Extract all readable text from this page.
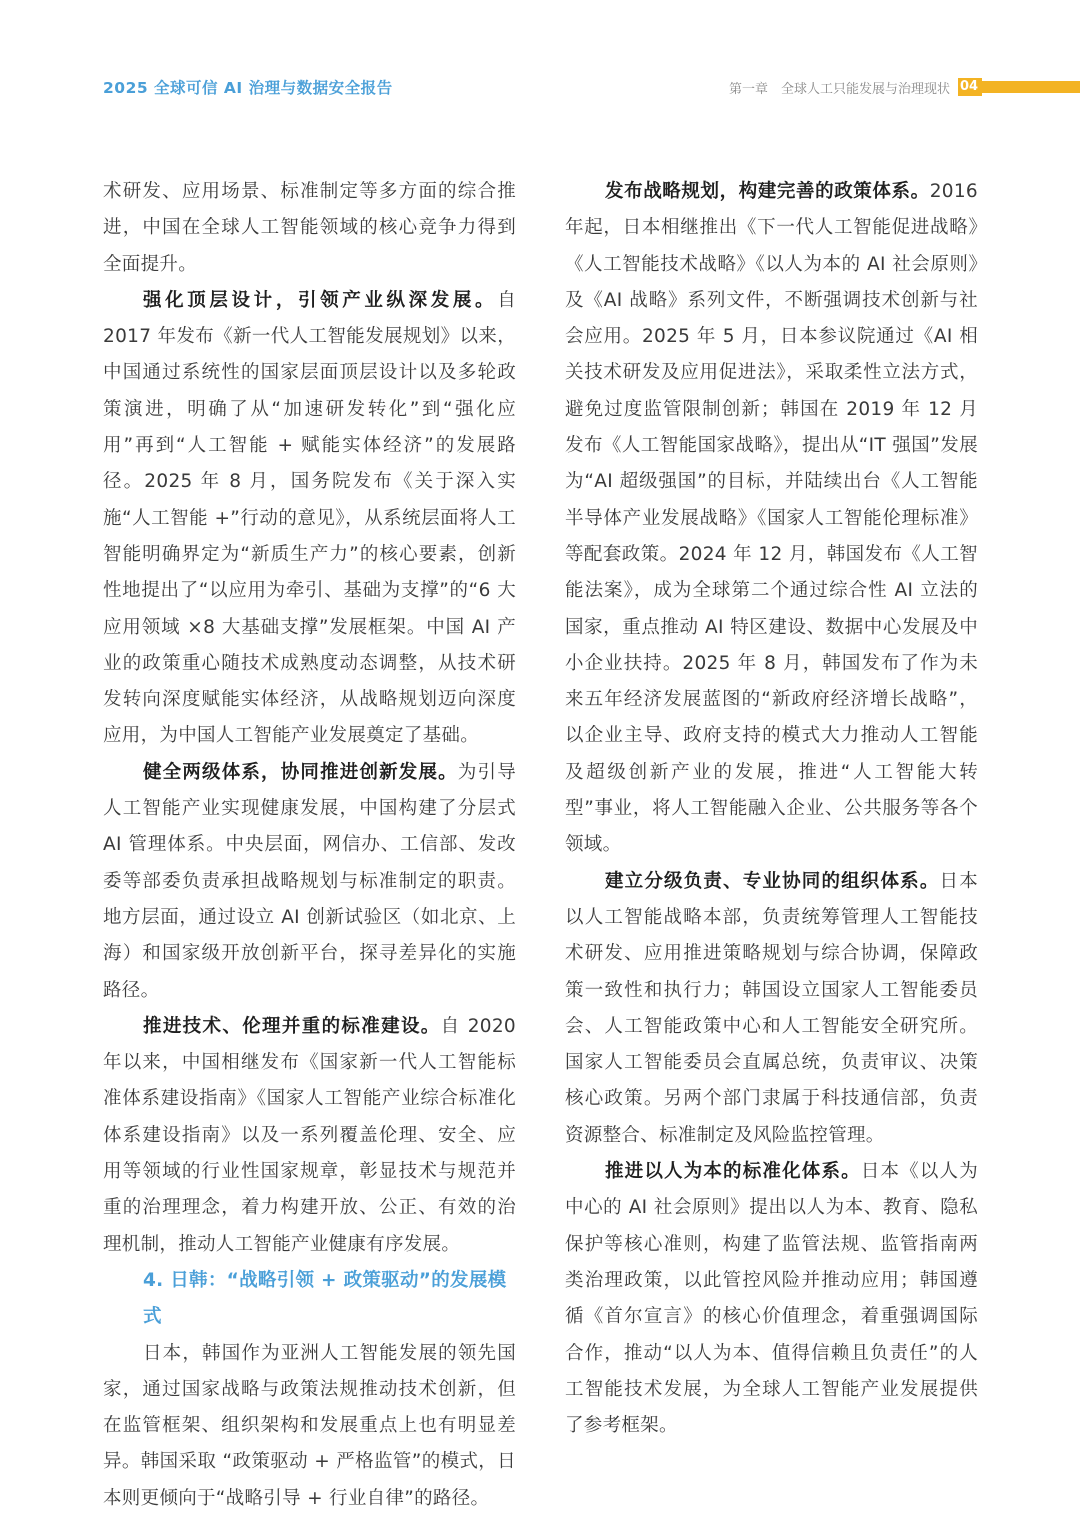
2025 全球可信 AI 治理与数据安全报告	第一章　全球人工只能发展与治理现状 04

术研发、应用场景、标准制定等多方面的综合推进，中国在全球人工智能领域的核心竞争力得到全面提升。

强化顶层设计，引领产业纵深发展。自 2017 年发布《新一代人工智能发展规划》以来，中国通过系统性的国家层面顶层设计以及多轮政策演进，明确了从“加速研发转化”到“强化应用”再到“人工智能 + 赋能实体经济”的发展路径。2025 年 8 月，国务院发布《关于深入实施“人工智能 +”行动的意见》，从系统层面将人工智能明确界定为“新质生产力”的核心要素，创新性地提出了“以应用为牵引、基础为支撑”的“6 大应用领域 ×8 大基础支撑”发展框架。中国 AI 产业的政策重心随技术成熟度动态调整，从技术研发转向深度赋能实体经济，从战略规划迈向深度应用，为中国人工智能产业发展奠定了基础。

健全两级体系，协同推进创新发展。为引导人工智能产业实现健康发展，中国构建了分层式 AI 管理体系。中央层面，网信办、工信部、发改委等部委负责承担战略规划与标准制定的职责。地方层面，通过设立 AI 创新试验区（如北京、上海）和国家级开放创新平台，探寻差异化的实施路径。

推进技术、伦理并重的标准建设。自 2020 年以来，中国相继发布《国家新一代人工智能标准体系建设指南》《国家人工智能产业综合标准化体系建设指南》以及一系列覆盖伦理、安全、应用等领域的行业性国家规章，彰显技术与规范并重的治理理念，着力构建开放、公正、有效的治理机制，推动人工智能产业健康有序发展。

4. 日韩：“战略引领 + 政策驱动”的发展模式

日本，韩国作为亚洲人工智能发展的领先国家，通过国家战略与政策法规推动技术创新，但在监管框架、组织架构和发展重点上也有明显差异。韩国采取 “政策驱动 + 严格监管”的模式，日本则更倾向于“战略引导 + 行业自律”的路径。

发布战略规划，构建完善的政策体系。2016 年起，日本相继推出《下一代人工智能促进战略》《人工智能技术战略》《以人为本的 AI 社会原则》及《AI 战略》系列文件，不断强调技术创新与社会应用。2025 年 5 月，日本参议院通过《AI 相关技术研发及应用促进法》，采取柔性立法方式，避免过度监管限制创新；韩国在 2019 年 12 月发布《人工智能国家战略》，提出从“IT 强国”发展为“AI 超级强国”的目标，并陆续出台《人工智能半导体产业发展战略》《国家人工智能伦理标准》等配套政策。2024 年 12 月，韩国发布《人工智能法案》，成为全球第二个通过综合性 AI 立法的国家，重点推动 AI 特区建设、数据中心发展及中小企业扶持。2025 年 8 月，韩国发布了作为未来五年经济发展蓝图的“新政府经济增长战略”，以企业主导、政府支持的模式大力推动人工智能及超级创新产业的发展，推进“人工智能大转型”事业，将人工智能融入企业、公共服务等各个领域。

建立分级负责、专业协同的组织体系。日本以人工智能战略本部，负责统筹管理人工智能技术研发、应用推进策略规划与综合协调，保障政策一致性和执行力；韩国设立国家人工智能委员会、人工智能政策中心和人工智能安全研究所。国家人工智能委员会直属总统，负责审议、决策核心政策。另两个部门隶属于科技通信部，负责资源整合、标准制定及风险监控管理。

推进以人为本的标准化体系。日本《以人为中心的 AI 社会原则》提出以人为本、教育、隐私保护等核心准则，构建了监管法规、监管指南两类治理政策，以此管控风险并推动应用；韩国遵循《首尔宣言》的核心价值理念，着重强调国际合作，推动“以人为本、值得信赖且负责任”的人工智能技术发展，为全球人工智能产业发展提供了参考框架。
